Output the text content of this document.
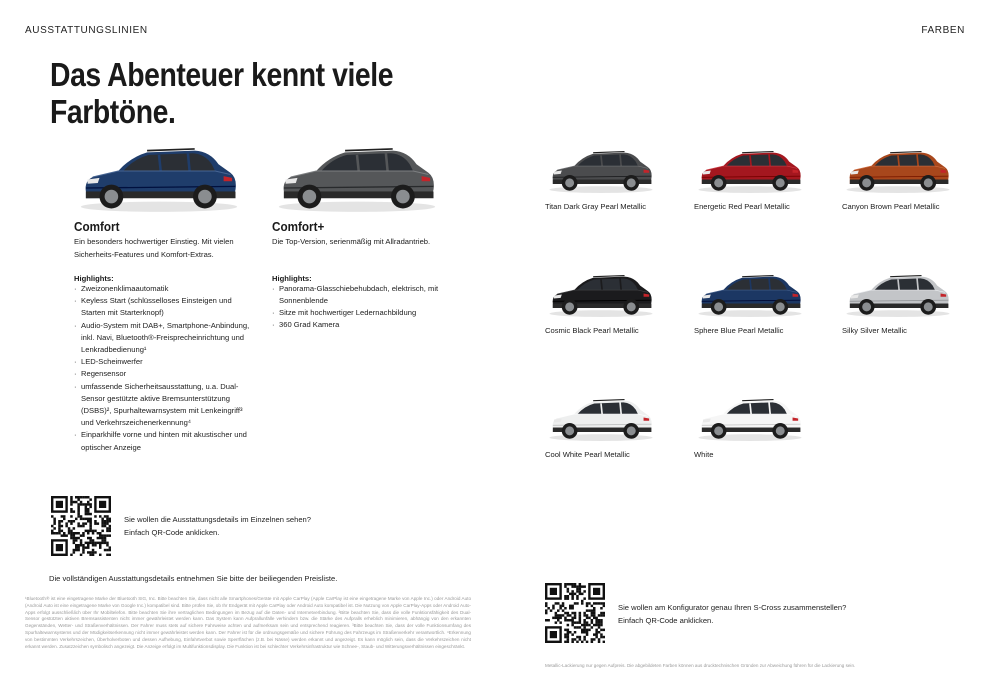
AUSSTATTUNGSLINIEN	FARBEN
Das Abenteuer kennt viele
Farbtöne.
Comfort
Ein besonders hochwertiger Einstieg. Mit vielen Sicherheits-Features und Komfort-Extras.
Highlights:
· Zweizonenklimaautomatik
· Keyless Start (schlüsselloses Einsteigen und Starten mit Starterknopf)
· Audio-System mit DAB+, Smartphone-Anbindung, inkl. Navi, Bluetooth®-Freisprecheinrichtung und Lenkradbedienung¹
· LED-Scheinwerfer
· Regensensor
· umfassende Sicherheitsausstattung, u.a. Dual-Sensor gestützte aktive Bremsunterstützung (DSBS)², Spurhaltewarnsystem mit Lenkeingriff³ und Verkehrszeichenerkennung⁴
· Einparkhilfe vorne und hinten mit akustischer und optischer Anzeige
Comfort+
Die Top-Version, serienmäßig mit Allradantrieb.
Highlights:
· Panorama-Glasschiebehubdach, elektrisch, mit Sonnenblende
· Sitze mit hochwertiger Ledernachbildung
· 360 Grad Kamera
Sie wollen die Ausstattungsdetails im Einzelnen sehen?
Einfach QR-Code anklicken.
Die vollständigen Ausstattungsdetails entnehmen Sie bitte der beiliegenden Preisliste.
¹Bluetooth® ist eine eingetragene Marke der Bluetooth SIG, Inc. Bitte beachten Sie, dass nicht alle Smartphones/Geräte mit Apple CarPlay (Apple CarPlay ist eine eingetragene Marke von Apple Inc.) oder Android Auto (Android Auto ist eine eingetragene Marke von Google Inc.) kompatibel sind. Bitte prüfen Sie, ob Ihr Endgerät mit Apple CarPlay oder Android Auto kompatibel ist. Die Nutzung von Apple CarPlay-Apps oder Android Auto-Apps erfolgt ausschließlich über Ihr Mobiltelefon. Bitte beachten Sie ihre vertraglichen Bedingungen im Bezug auf die Daten- und Internetverbindung. ²Bitte beachten Sie, dass die volle Funktionsfähigkeit des Dual-Sensor gestützten aktiven Bremsassistenten nicht immer gewährleistet werden kann. Das System kann Aufprallunfälle verhindern bzw. die Stärke des Aufpralls erheblich minimieren, abhängig von den erkannten Gegenständen, Wetter- und Straßenverhältnissen. Der Fahrer muss stets auf sichere Fahrweise achten und aufmerksam sein und entsprechend reagieren. ³Bitte beachten Sie, dass der volle Funktionsumfang des Spurhaltewarnsystems und der Müdigkeitserkennung nicht immer gewährleistet werden kann. Der Fahrer ist für die ordnungsgemäße und sichere Führung des Fahrzeugs im Straßenverkehr verantwortlich. ⁴Erkennung von bestimmten Verkehrszeichen, Überholverboten und dessen Aufhebung, Einfahrtverbot sowie Sperrflächen (z.B. bei Nässe) werden erkannt und angezeigt. Es kann möglich sein, dass die Verkehrszeichen nicht erkannt werden. Zusatzzeichen symbolisch angezeigt. Die Anzeige erfolgt im Multifunktionsdisplay. Die Funktion ist bei schlechter Verkehrsinfrastruktur wie Schnee-, Staub- und Witterungsverhältnissen eingeschränkt.
Titan Dark Gray Pearl Metallic	Energetic Red Pearl Metallic	Canyon Brown Pearl Metallic
Cosmic Black Pearl Metallic	Sphere Blue Pearl Metallic	Silky Silver Metallic
Cool White Pearl Metallic	White
Sie wollen am Konfigurator genau Ihren S-Cross zusammenstellen?
Einfach QR-Code anklicken.
Metallic-Lackierung nur gegen Aufpreis. Die abgebildeten Farben können aus drucktechnischen Gründen zur Abweichung führen für die Lackierung sein.
